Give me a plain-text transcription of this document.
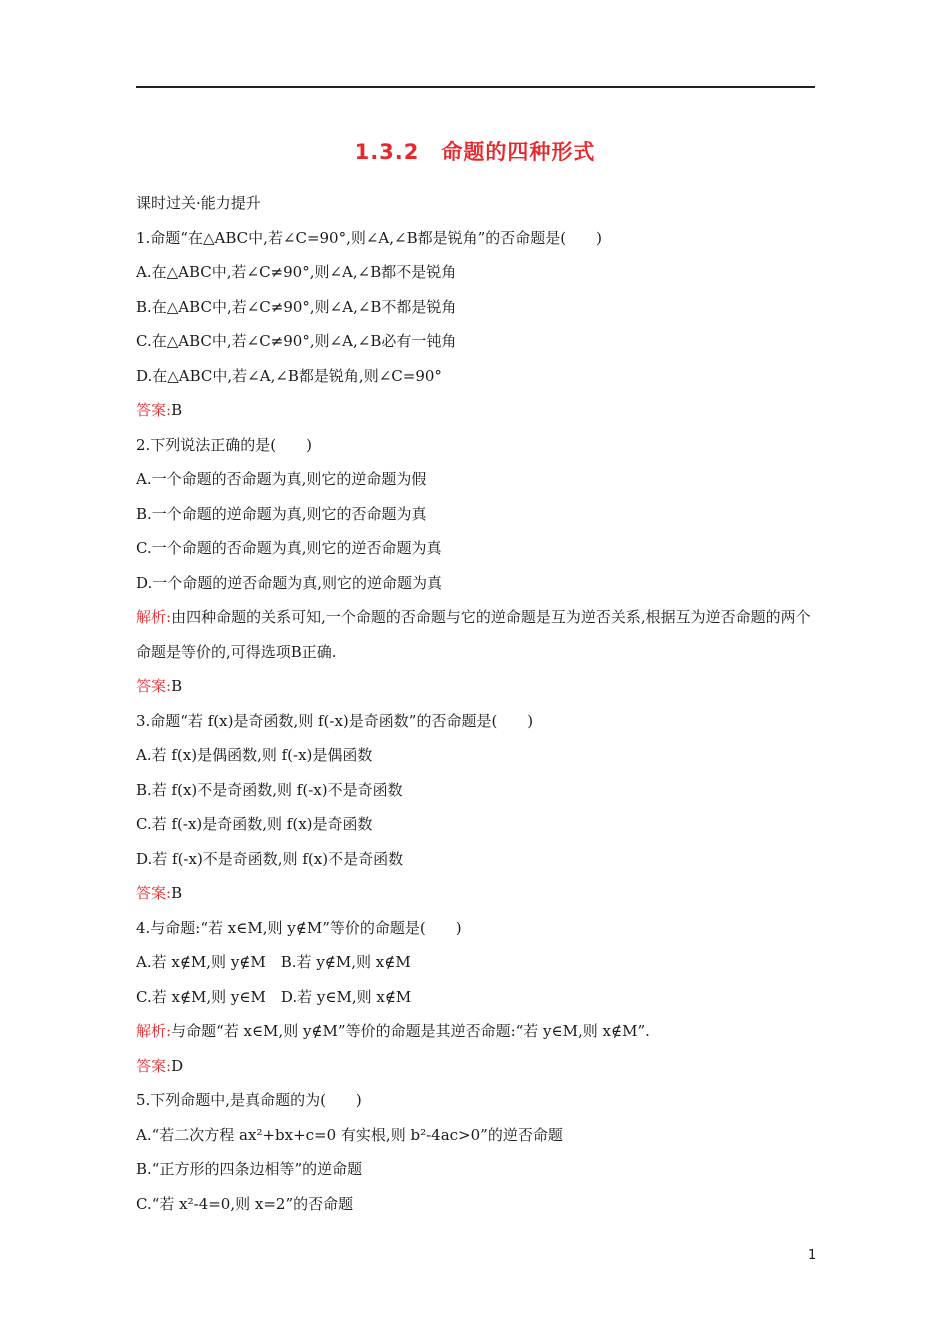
1.3.2　命题的四种形式
课时过关·能力提升
1.命题“在△ABC中,若∠C=90°,则∠A,∠B都是锐角”的否命题是(　　)
A.在△ABC中,若∠C≠90°,则∠A,∠B都不是锐角
B.在△ABC中,若∠C≠90°,则∠A,∠B不都是锐角
C.在△ABC中,若∠C≠90°,则∠A,∠B必有一钝角
D.在△ABC中,若∠A,∠B都是锐角,则∠C=90°
答案:B
2.下列说法正确的是(　　)
A.一个命题的否命题为真,则它的逆命题为假
B.一个命题的逆命题为真,则它的否命题为真
C.一个命题的否命题为真,则它的逆否命题为真
D.一个命题的逆否命题为真,则它的逆命题为真
解析:由四种命题的关系可知,一个命题的否命题与它的逆命题是互为逆否关系,根据互为逆否命题的两个命题是等价的,可得选项B正确.
答案:B
3.命题“若 f(x)是奇函数,则 f(-x)是奇函数”的否命题是(　　)
A.若 f(x)是偶函数,则 f(-x)是偶函数
B.若 f(x)不是奇函数,则 f(-x)不是奇函数
C.若 f(-x)是奇函数,则 f(x)是奇函数
D.若 f(-x)不是奇函数,则 f(x)不是奇函数
答案:B
4.与命题:“若 x∈M,则 y∉M”等价的命题是(　　)
A.若 x∉M,则 y∉M　B.若 y∉M,则 x∉M
C.若 x∉M,则 y∈M　D.若 y∈M,则 x∉M
解析:与命题“若 x∈M,则 y∉M”等价的命题是其逆否命题:“若 y∈M,则 x∉M”.
答案:D
5.下列命题中,是真命题的为(　　)
A.“若二次方程 ax²+bx+c=0 有实根,则 b²-4ac>0”的逆否命题
B.“正方形的四条边相等”的逆命题
C.“若 x²-4=0,则 x=2”的否命题
1
